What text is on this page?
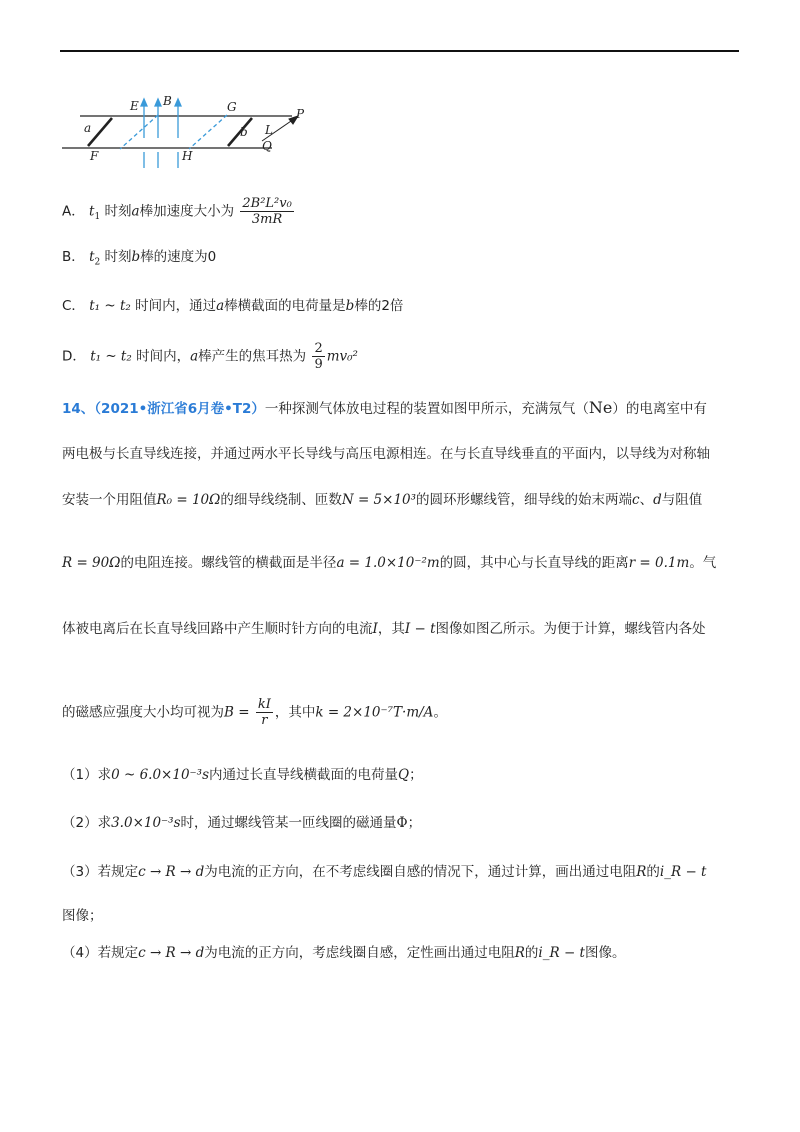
E B	G
a	b
F	H
L
P
Q
A． $t_1$ 时刻a棒加速度大小为 $\frac{\text{2B²L²v₀}}{3mR}$
B． $t_2$ 时刻b棒的速度为0
C． t₁ ~ t₂ 时间内，通过a棒横截面的电荷量是b棒的2倍
D． t₁ ~ t₂ 时间内，a棒产生的焦耳热为 $\frac{2}{9} mv_0^2$
14、（2021•浙江省6月卷•T2）一种探测气体放电过程的装置如图甲所示，充满氖气（Ne）的电离室中有
两电极与长直导线连接，并通过两水平长导线与高压电源相连。在与长直导线垂直的平面内，以导线为对称轴
安装一个用阻值R₀ = 10Ω的细导线绕制、匝数N = 5×10³的圆环形螺线管，细导线的始末两端c、d与阻值
R = 90Ω的电阻连接。螺线管的横截面是半径a = 1.0×10⁻²m的圆，其中心与长直导线的距离r = 0.1m。气
体被电离后在长直导线回路中产生顺时针方向的电流I，其I − t图像如图乙所示。为便于计算，螺线管内各处
的磁感应强度大小均可视为$B = \frac{kI}{r}$ ，其中k = 2×10⁻⁷T·m/A。
（1）求0 ~ 6.0×10⁻³s内通过长直导线横截面的电荷量Q；
（2）求3.0×10⁻³s时，通过螺线管某一匝线圈的磁通量Φ；
（3）若规定c → R → d为电流的正方向，在不考虑线圈自感的情况下，通过计算，画出通过电阻R的i_R − t
图像；
（4）若规定c → R → d为电流的正方向，考虑线圈自感，定性画出通过电阻R的i_R − t图像。
